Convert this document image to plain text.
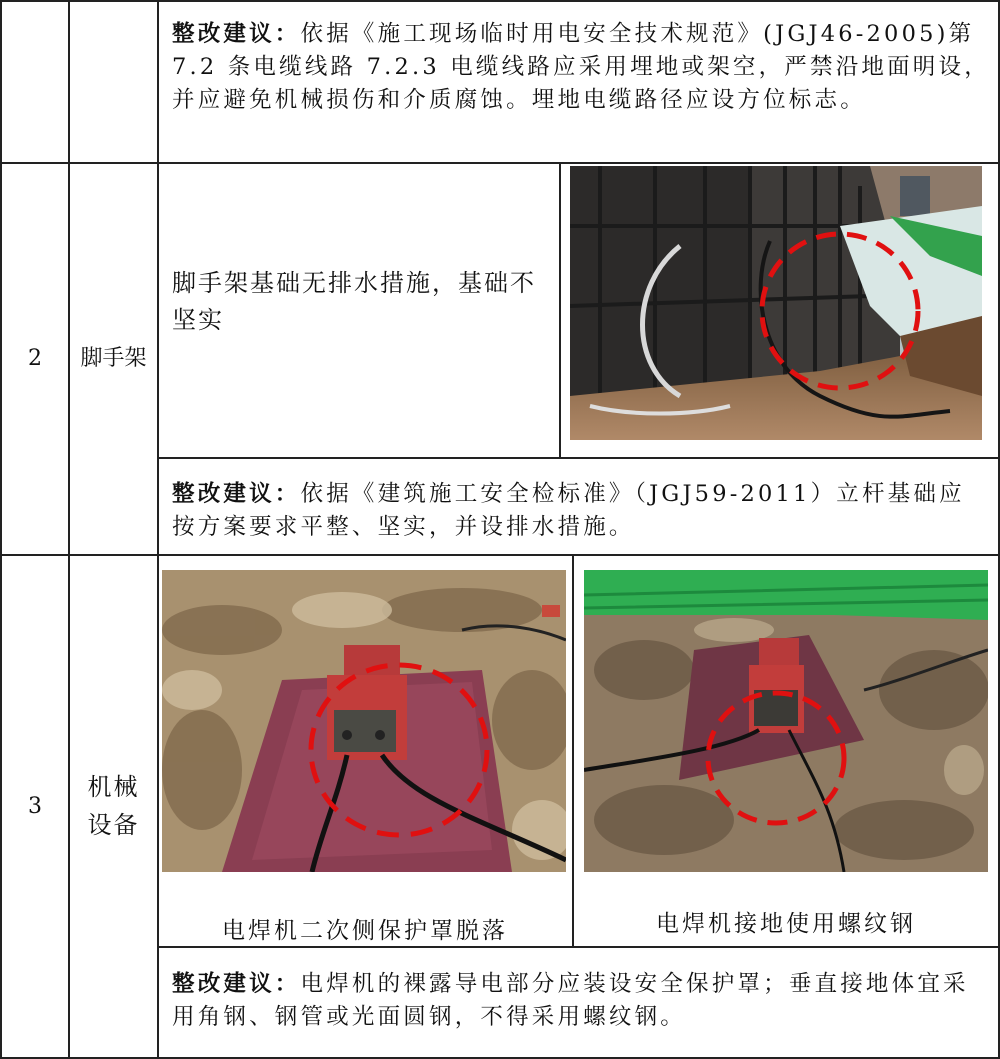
整改建议：依据《施工现场临时用电安全技术规范》(JGJ46-2005)第 7.2 条电缆线路 7.2.3 电缆线路应采用埋地或架空，严禁沿地面明设，并应避免机械损伤和介质腐蚀。埋地电缆路径应设方位标志。
2	脚手架
脚手架基础无排水措施，基础不坚实
整改建议：依据《建筑施工安全检标准》（JGJ59-2011）立杆基础应按方案要求平整、坚实，并设排水措施。
3
机械
设备
电焊机二次侧保护罩脱落	电焊机接地使用螺纹钢
整改建议：电焊机的裸露导电部分应装设安全保护罩；垂直接地体宜采用角钢、钢管或光面圆钢，不得采用螺纹钢。
